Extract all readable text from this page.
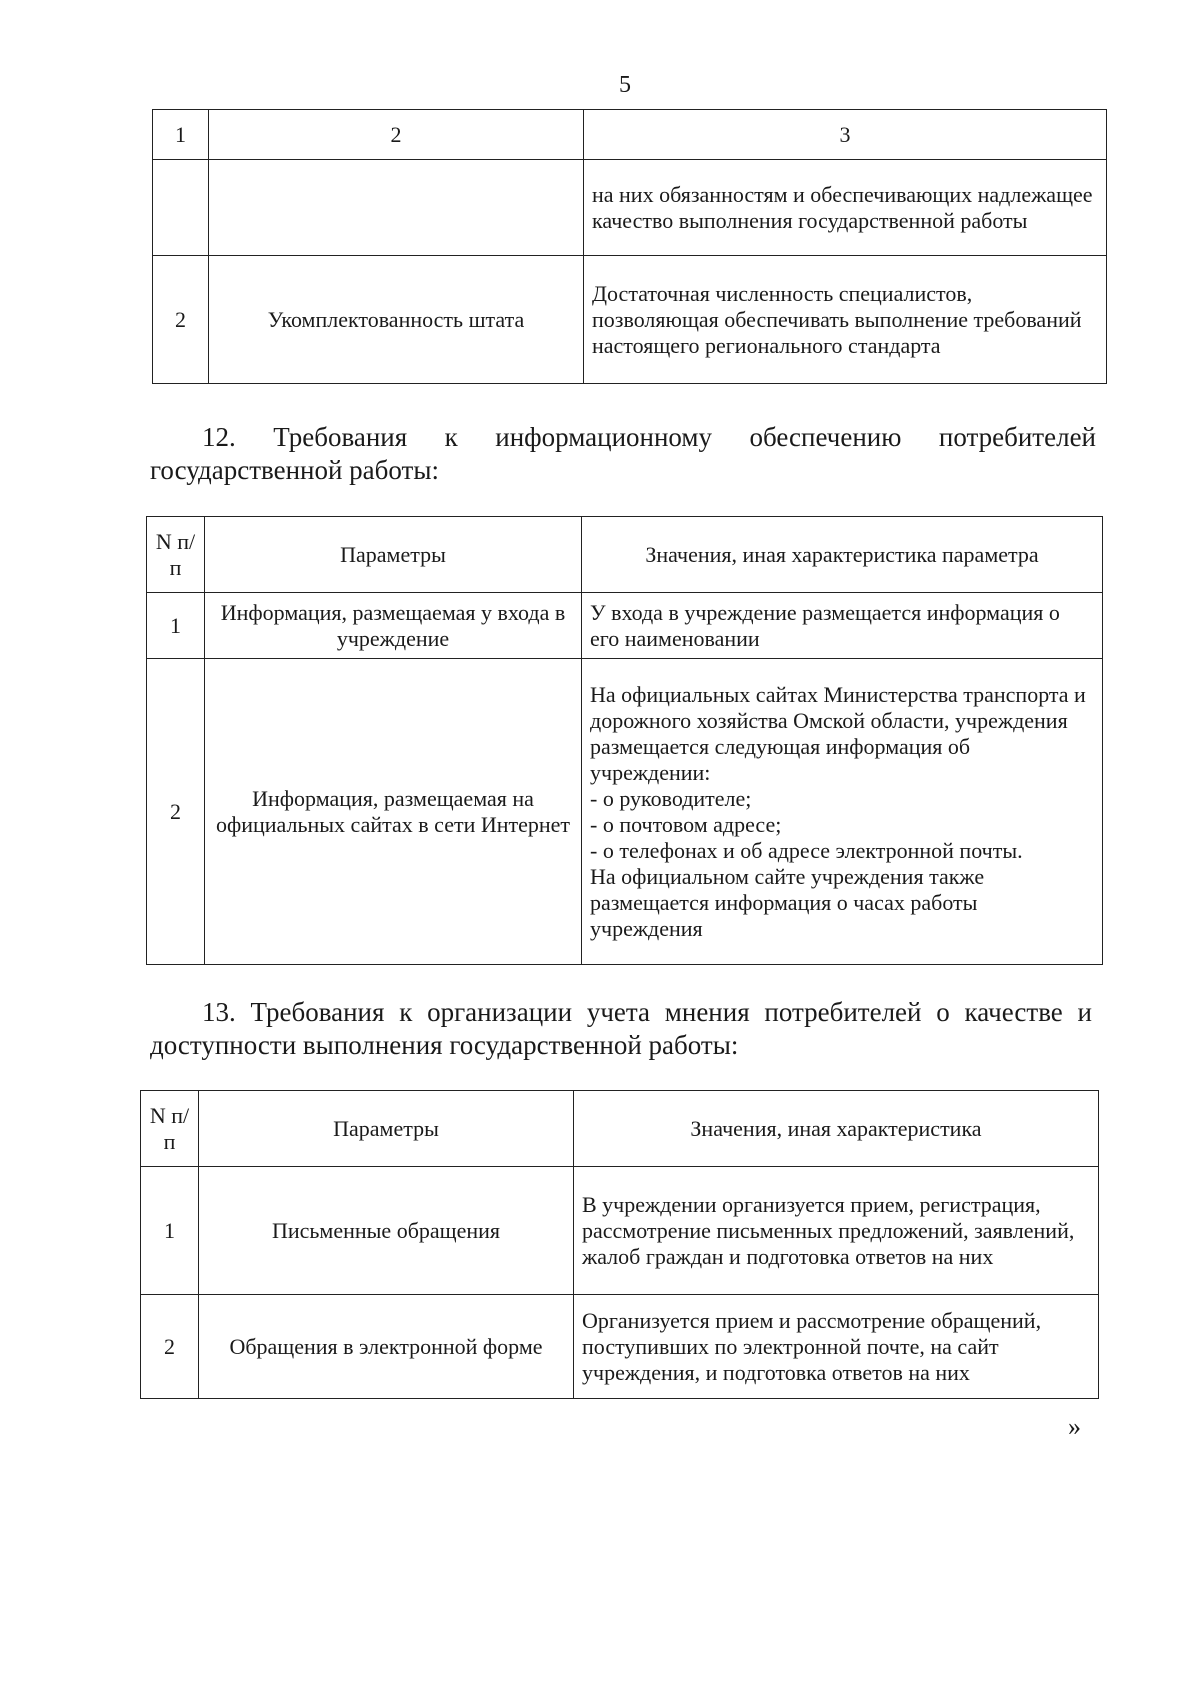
5
1	2	3
		на них обязанностям и обеспечивающих надлежащее качество выполнения государственной работы
2	Укомплектованность штата	Достаточная численность специалистов, позволяющая обеспечивать выполнение требований настоящего регионального стандарта
12. Требования к информационному обеспечению потребителей государственной работы:
N п/п	Параметры	Значения, иная характеристика параметра
1	Информация, размещаемая у входа в учреждение	У входа в учреждение размещается информация о его наименовании
2	Информация, размещаемая на официальных сайтах в сети Интернет	На официальных сайтах Министерства транспорта и дорожного хозяйства Омской области, учреждения размещается следующая информация об учреждении:
- о руководителе;
- о почтовом адресе;
- о телефонах и об адресе электронной почты.
На официальном сайте учреждения также размещается информация о часах работы учреждения
13. Требования к организации учета мнения потребителей о качестве и доступности выполнения государственной работы:
N п/п	Параметры	Значения, иная характеристика
1	Письменные обращения	В учреждении организуется прием, регистрация, рассмотрение письменных предложений, заявлений, жалоб граждан и подготовка ответов на них
2	Обращения в электронной форме	Организуется прием и рассмотрение обращений, поступивших по электронной почте, на сайт учреждения, и подготовка ответов на них
»
